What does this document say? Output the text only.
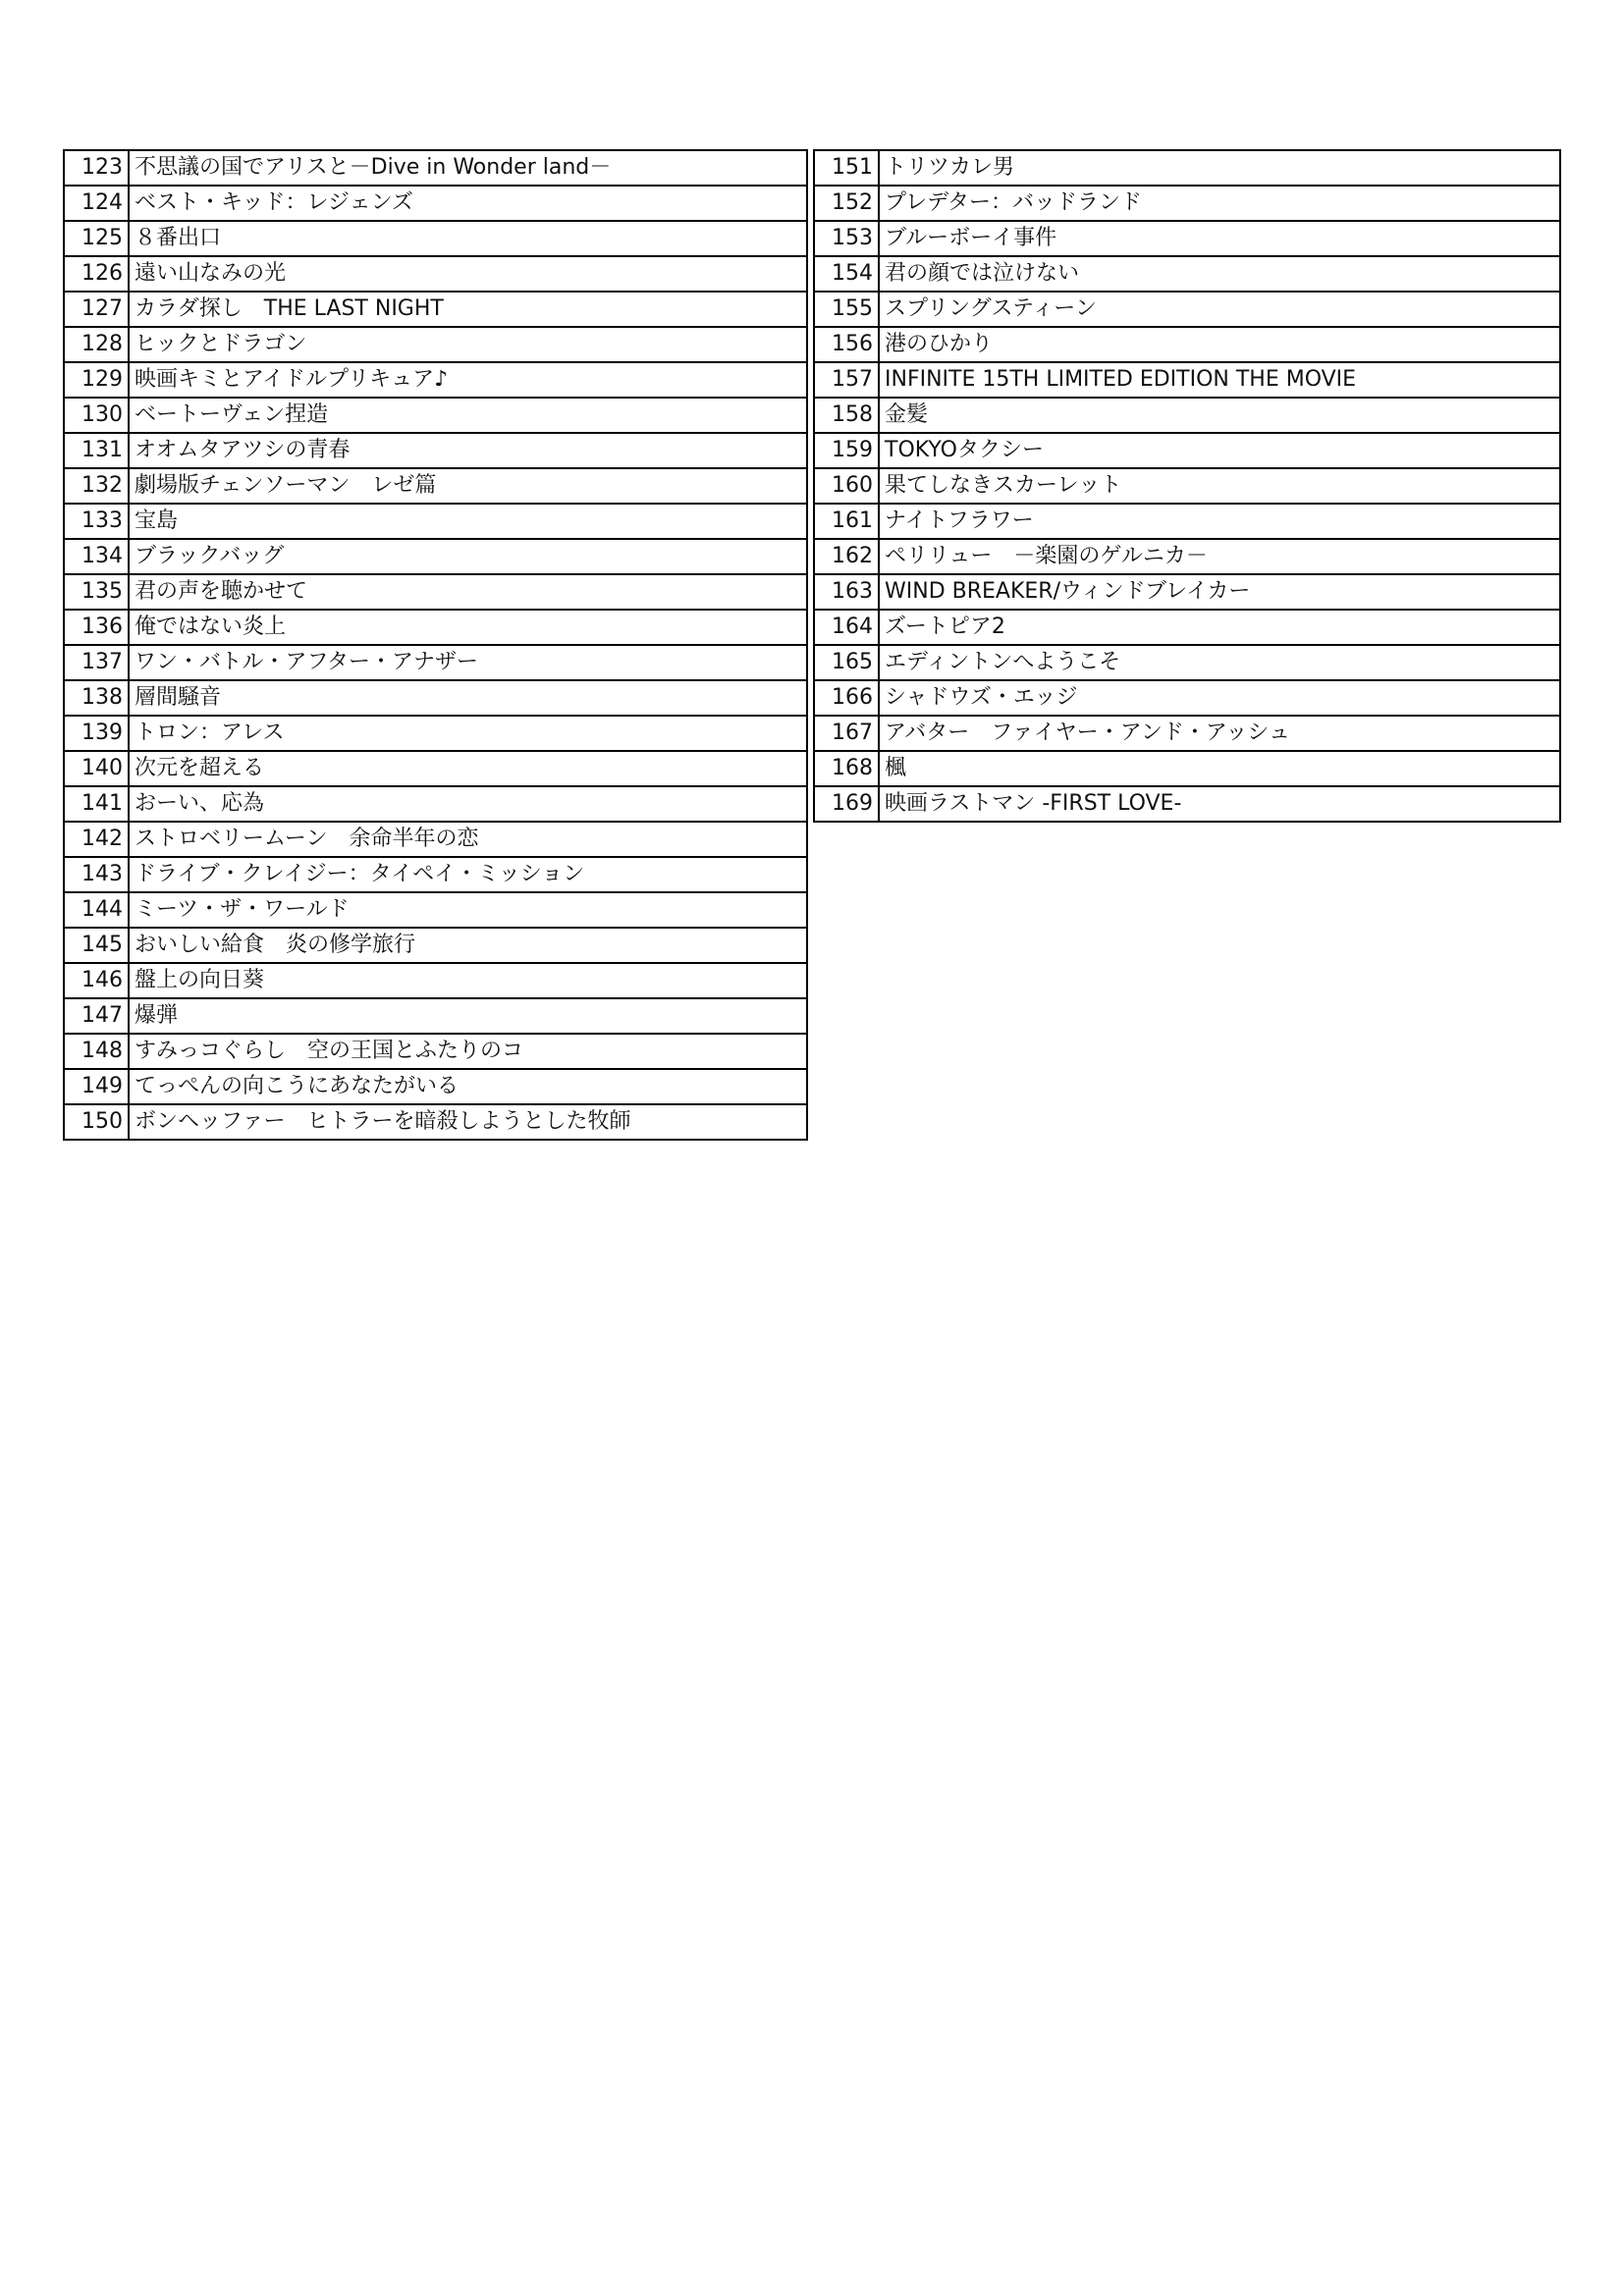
123	不思議の国でアリスと－Dive in Wonder land－
124	ベスト・キッド：レジェンズ
125	８番出口
126	遠い山なみの光
127	カラダ探し　THE LAST NIGHT
128	ヒックとドラゴン
129	映画キミとアイドルプリキュア♪
130	ベートーヴェン捏造
131	オオムタアツシの青春
132	劇場版チェンソーマン　レゼ篇
133	宝島
134	ブラックバッグ
135	君の声を聴かせて
136	俺ではない炎上
137	ワン・バトル・アフター・アナザー
138	層間騒音
139	トロン：アレス
140	次元を超える
141	おーい、応為
142	ストロベリームーン　余命半年の恋
143	ドライブ・クレイジー：タイペイ・ミッション
144	ミーツ・ザ・ワールド
145	おいしい給食　炎の修学旅行
146	盤上の向日葵
147	爆弾
148	すみっコぐらし　空の王国とふたりのコ
149	てっぺんの向こうにあなたがいる
150	ボンヘッファー　ヒトラーを暗殺しようとした牧師
151	トリツカレ男
152	プレデター：バッドランド
153	ブルーボーイ事件
154	君の顔では泣けない
155	スプリングスティーン
156	港のひかり
157	INFINITE 15TH LIMITED EDITION THE MOVIE
158	金髪
159	TOKYOタクシー
160	果てしなきスカーレット
161	ナイトフラワー
162	ペリリュー　－楽園のゲルニカ－
163	WIND BREAKER/ウィンドブレイカー
164	ズートピア2
165	エディントンへようこそ
166	シャドウズ・エッジ
167	アバター　ファイヤー・アンド・アッシュ
168	楓
169	映画ラストマン -FIRST LOVE-
